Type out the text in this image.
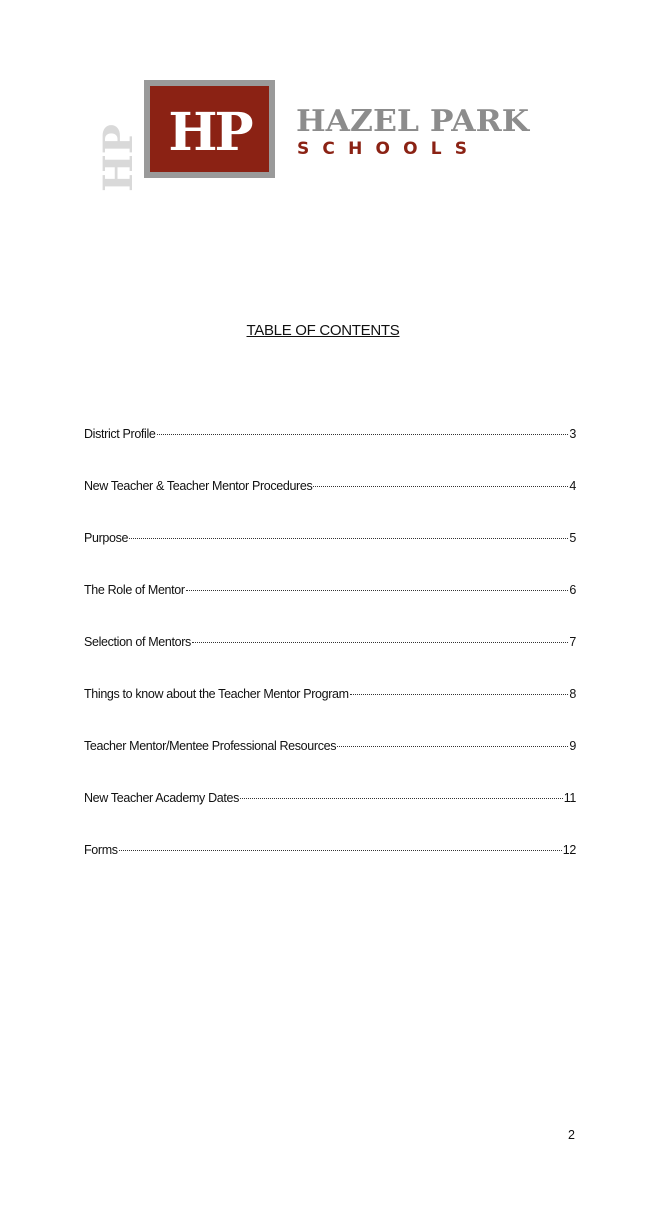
HP HP HAZEL PARK
SCHOOLS
TABLE OF CONTENTS
District Profile	3
New Teacher & Teacher Mentor Procedures	4
Purpose	5
The Role of Mentor	6
Selection of Mentors	7
Things to know about the Teacher Mentor Program	8
Teacher Mentor/Mentee Professional Resources	9
New Teacher Academy Dates	11
Forms	12
2
